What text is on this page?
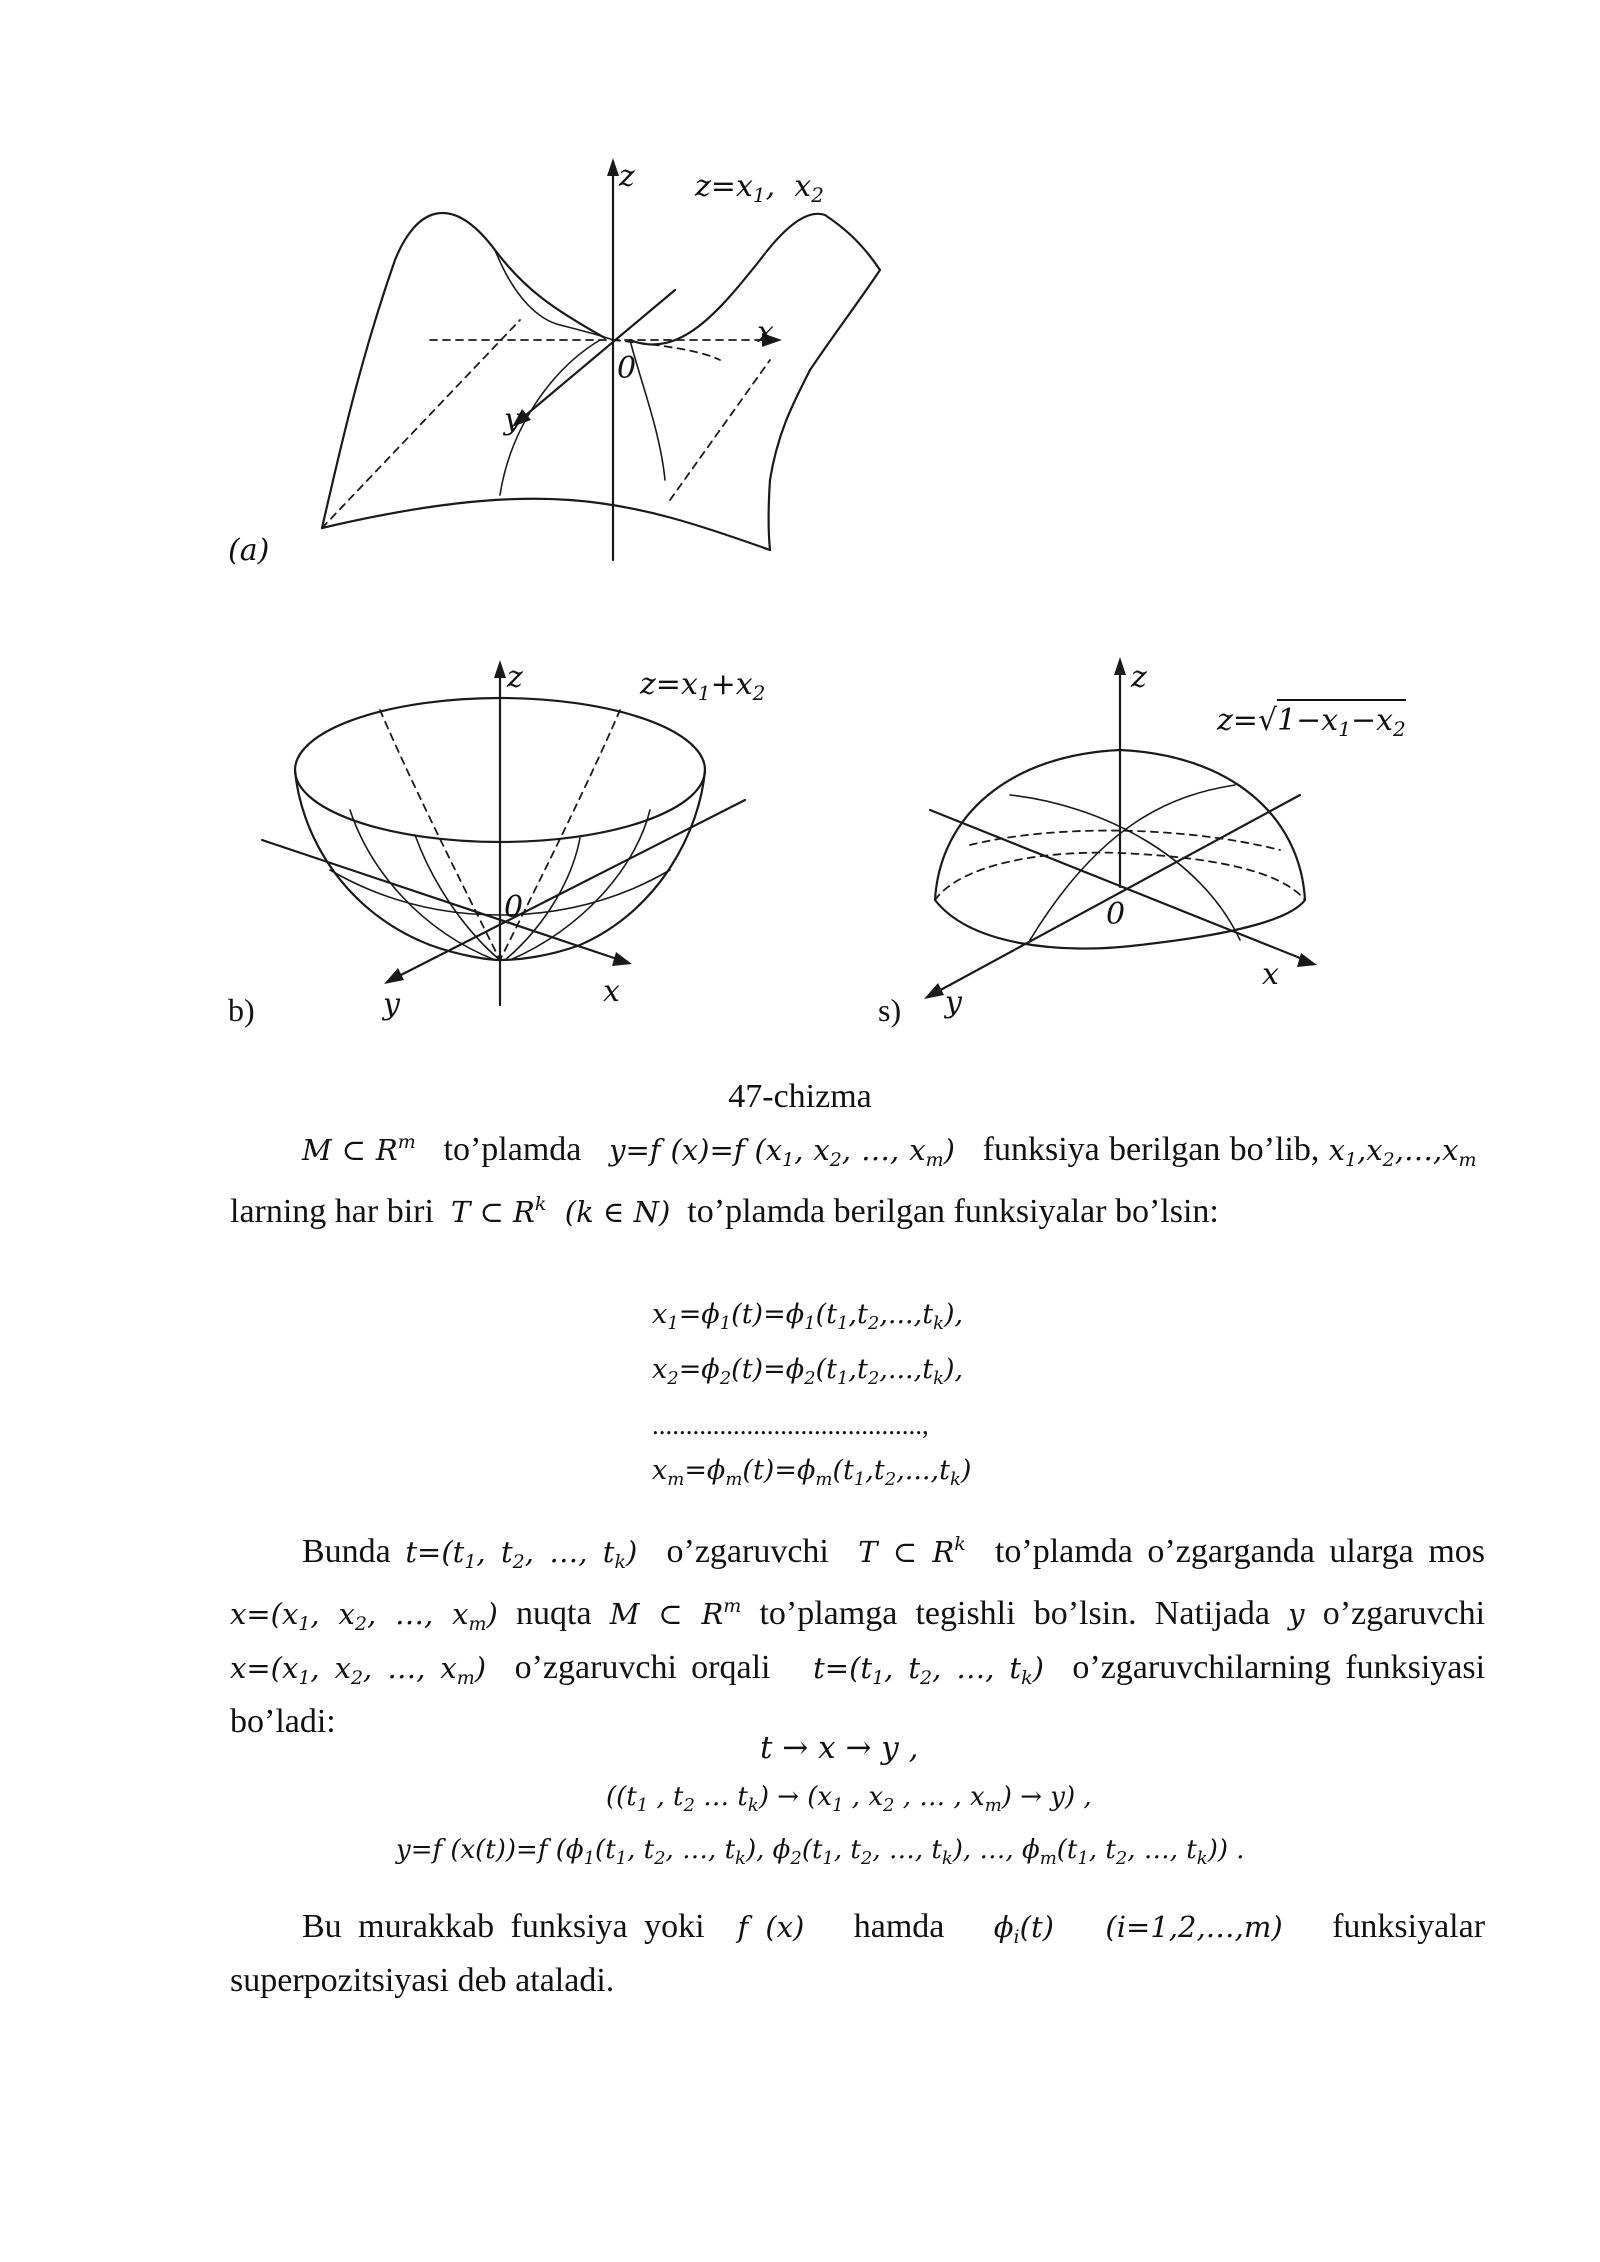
z $z=x_1$,  $x_2$
x
0
y
(a)
z	$z=x_1+x_2$
0
x
y
b)
z
$z=√1-x_1-x_2$
0
x
y
s)
47-chizma

M ⊂ $R^m$ to’plamda y=f (x)=f ($x_1$, $x_2$, …, $x_m$) funksiya berilgan bo’lib, $x_1,x_2,\dots,x_m$  larning har biri T ⊂ $R^k$  (k ∈ N) to’plamda berilgan funksiyalar bo’lsin:

$x_1=\phi_1(t)=\phi_1(t_1,t_2,...,t_k)$,
$x_2=\phi_2(t)=\phi_2(t_1,t_2,...,t_k)$,
........................................,
$x_m=\phi_m(t)=\phi_m(t_1,t_2,...,t_k)$

Bunda $t=(t_1$, $t_2$, …, $t_k$) o’zgaruvchi T ⊂ $R^k$ to’plamda o’zgarganda ularga mos $x=(x_1$, $x_2$, …, $x_m$) nuqta M ⊂ $R^m$ to’plamga tegishli bo’lsin. Natijada y o’zgaruvchi $x=(x_1$, $x_2$, …, $x_m$) o’zgaruvchi orqali $t=(t_1$, $t_2$, …, $t_k$) o’zgaruvchilarning funksiyasi bo’ladi:

t → x → y ,
(($t_1$ , $t_2$ … $t_k) \to (x_1$ , $x_2$ , … , $x_m) \to y$) ,
y=f (x(t))=f ($\phi_1(t_1$, $t_2$, …, $t_k$), $\phi_2(t_1$, $t_2$, …, $t_k$), …, $\phi_m(t_1$, $t_2$, …, $t_k$)) .

Bu murakkab funksiya yoki f (x) hamda $\phi_i(t)$   (i=1,2,…,m) funksiyalar superpozitsiyasi deb ataladi.
